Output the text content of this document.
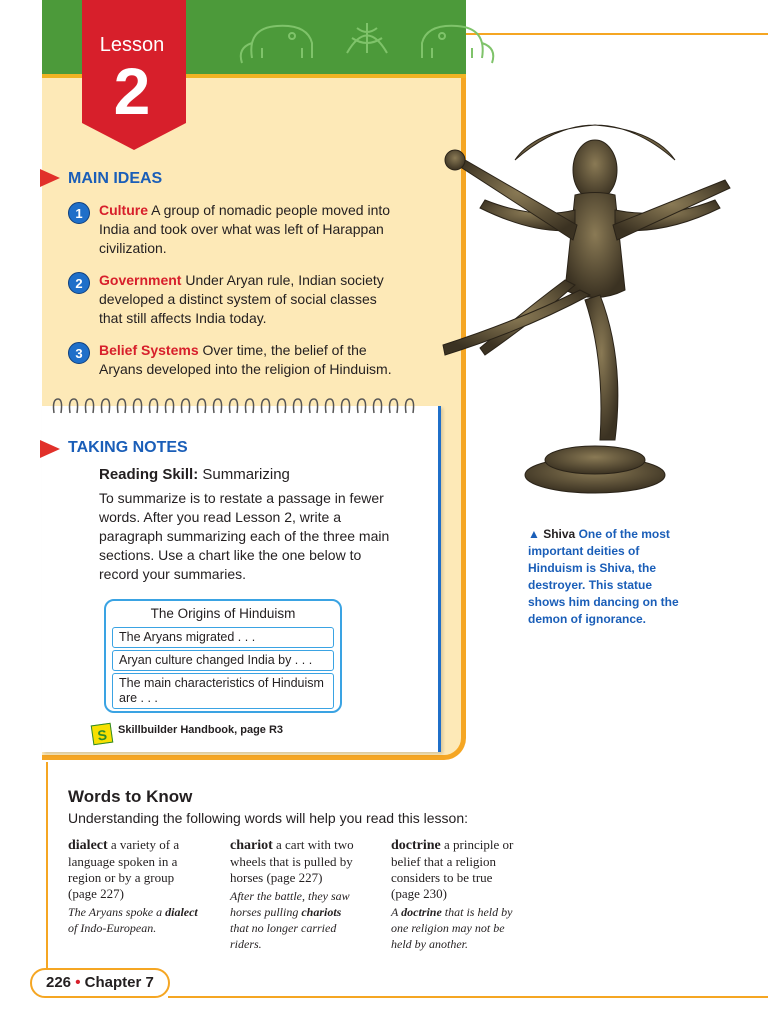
Lesson
2
MAIN IDEAS
1	Culture A group of nomadic people moved into India and took over what was left of Harappan civilization.
2	Government Under Aryan rule, Indian society developed a distinct system of social classes that still affects India today.
3	Belief Systems Over time, the belief of the Aryans developed into the religion of Hinduism.
TAKING NOTES
Reading Skill: Summarizing
To summarize is to restate a passage in fewer words. After you read Lesson 2, write a paragraph summarizing each of the three main sections. Use a chart like the one below to record your summaries.
The Origins of Hinduism
The Aryans migrated . . .
Aryan culture changed India by . . .
The main characteristics of Hinduism are . . .
S Skillbuilder Handbook, page R3
▲ Shiva One of the most important deities of Hinduism is Shiva, the destroyer. This statue shows him dancing on the demon of ignorance.
Words to Know
Understanding the following words will help you read this lesson:
dialect a variety of a language spoken in a region or by a group (page 227)
The Aryans spoke a dialect of Indo-European.
chariot a cart with two wheels that is pulled by horses (page 227)
After the battle, they saw horses pulling chariots that no longer carried riders.
doctrine a principle or belief that a religion considers to be true (page 230)
A doctrine that is held by one religion may not be held by another.
226 • Chapter 7
